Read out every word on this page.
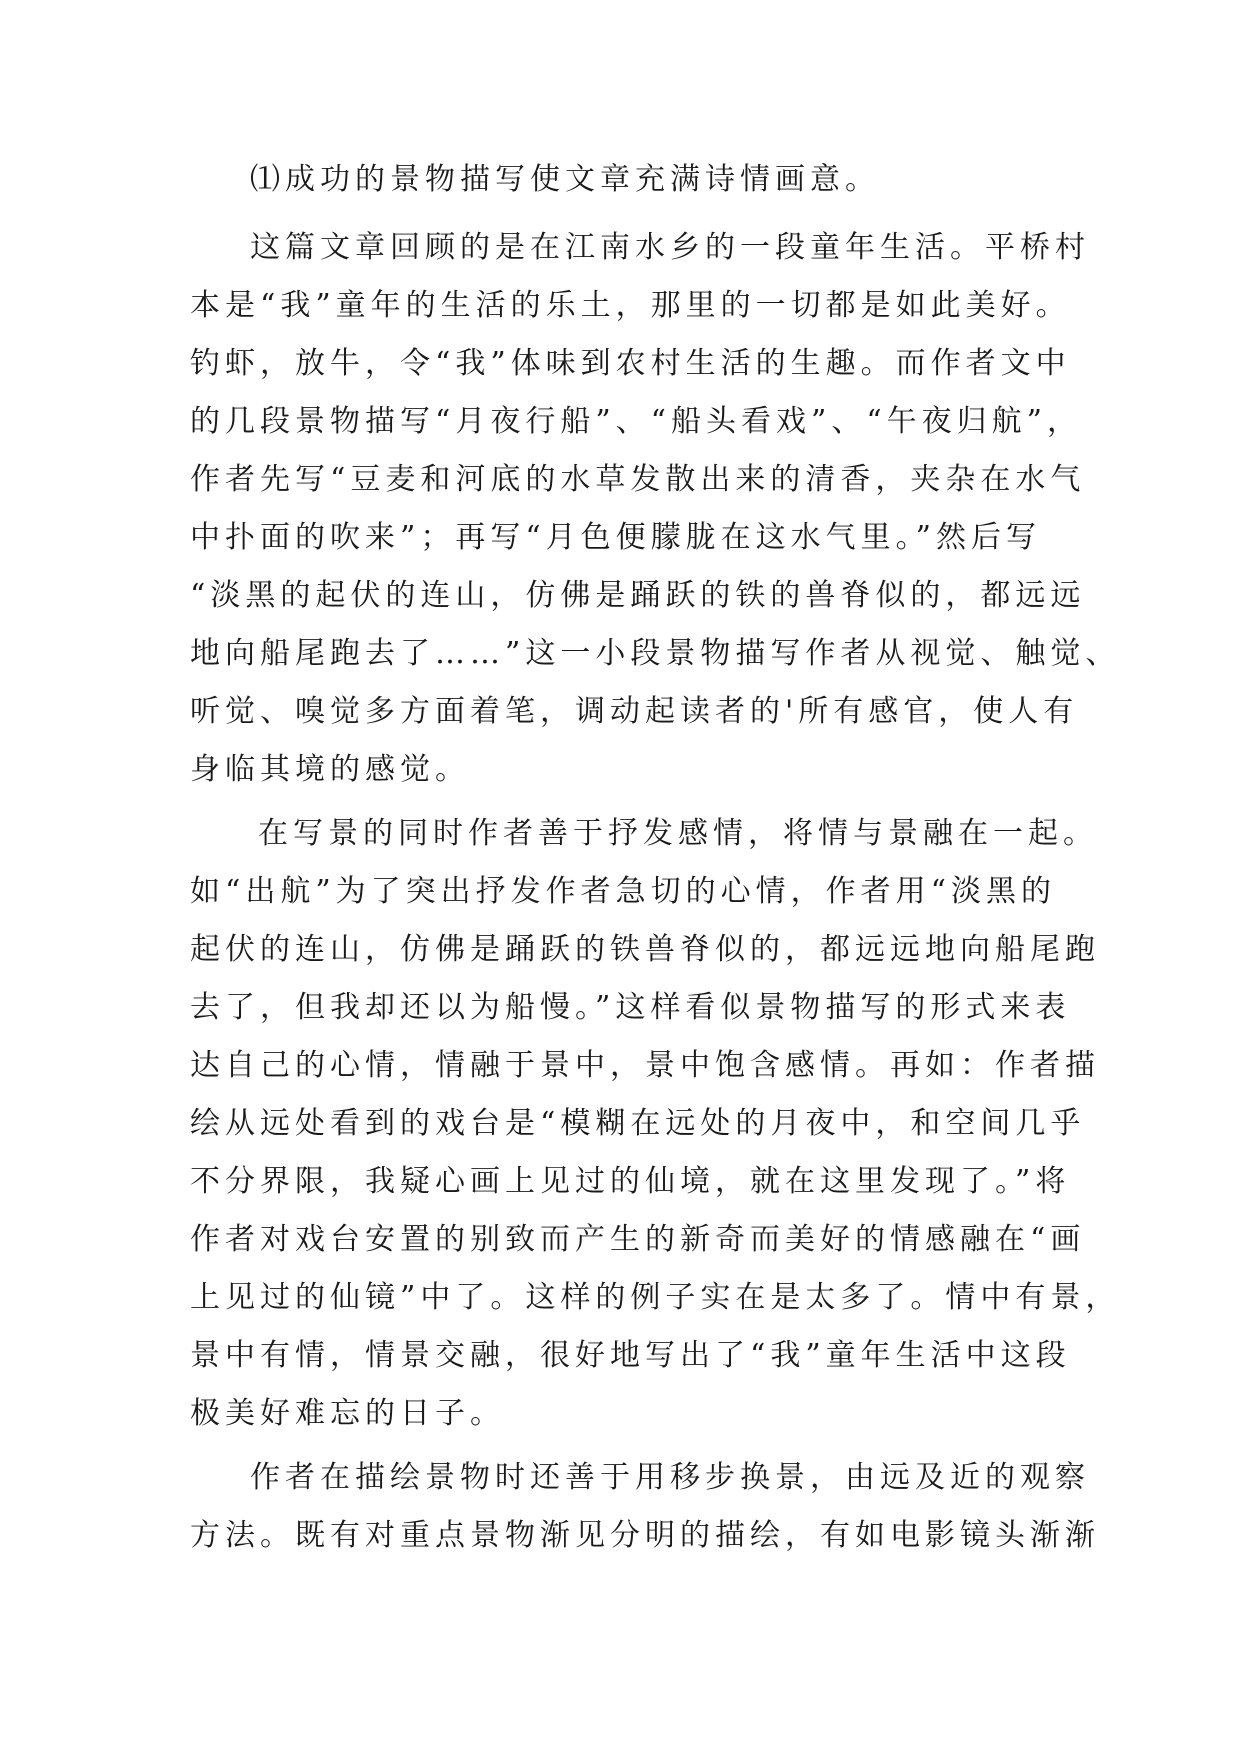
⑴成功的景物描写使文章充满诗情画意。
这篇文章回顾的是在江南水乡的一段童年生活。平桥村
本是“我”童年的生活的乐土，那里的一切都是如此美好。
钓虾，放牛，令“我”体味到农村生活的生趣。而作者文中
的几段景物描写“月夜行船”、“船头看戏”、“午夜归航”，
作者先写“豆麦和河底的水草发散出来的清香，夹杂在水气
中扑面的吹来”；再写“月色便朦胧在这水气里。”然后写
“淡黑的起伏的连山，仿佛是踊跃的铁的兽脊似的，都远远
地向船尾跑去了……”这一小段景物描写作者从视觉、触觉、
听觉、嗅觉多方面着笔，调动起读者的'所有感官，使人有
身临其境的感觉。
在写景的同时作者善于抒发感情，将情与景融在一起。
如“出航”为了突出抒发作者急切的心情，作者用“淡黑的
起伏的连山，仿佛是踊跃的铁兽脊似的，都远远地向船尾跑
去了，但我却还以为船慢。”这样看似景物描写的形式来表
达自己的心情，情融于景中，景中饱含感情。再如：作者描
绘从远处看到的戏台是“模糊在远处的月夜中，和空间几乎
不分界限，我疑心画上见过的仙境，就在这里发现了。”将
作者对戏台安置的别致而产生的新奇而美好的情感融在“画
上见过的仙镜”中了。这样的例子实在是太多了。情中有景，
景中有情，情景交融，很好地写出了“我”童年生活中这段
极美好难忘的日子。
作者在描绘景物时还善于用移步换景，由远及近的观察
方法。既有对重点景物渐见分明的描绘，有如电影镜头渐渐
